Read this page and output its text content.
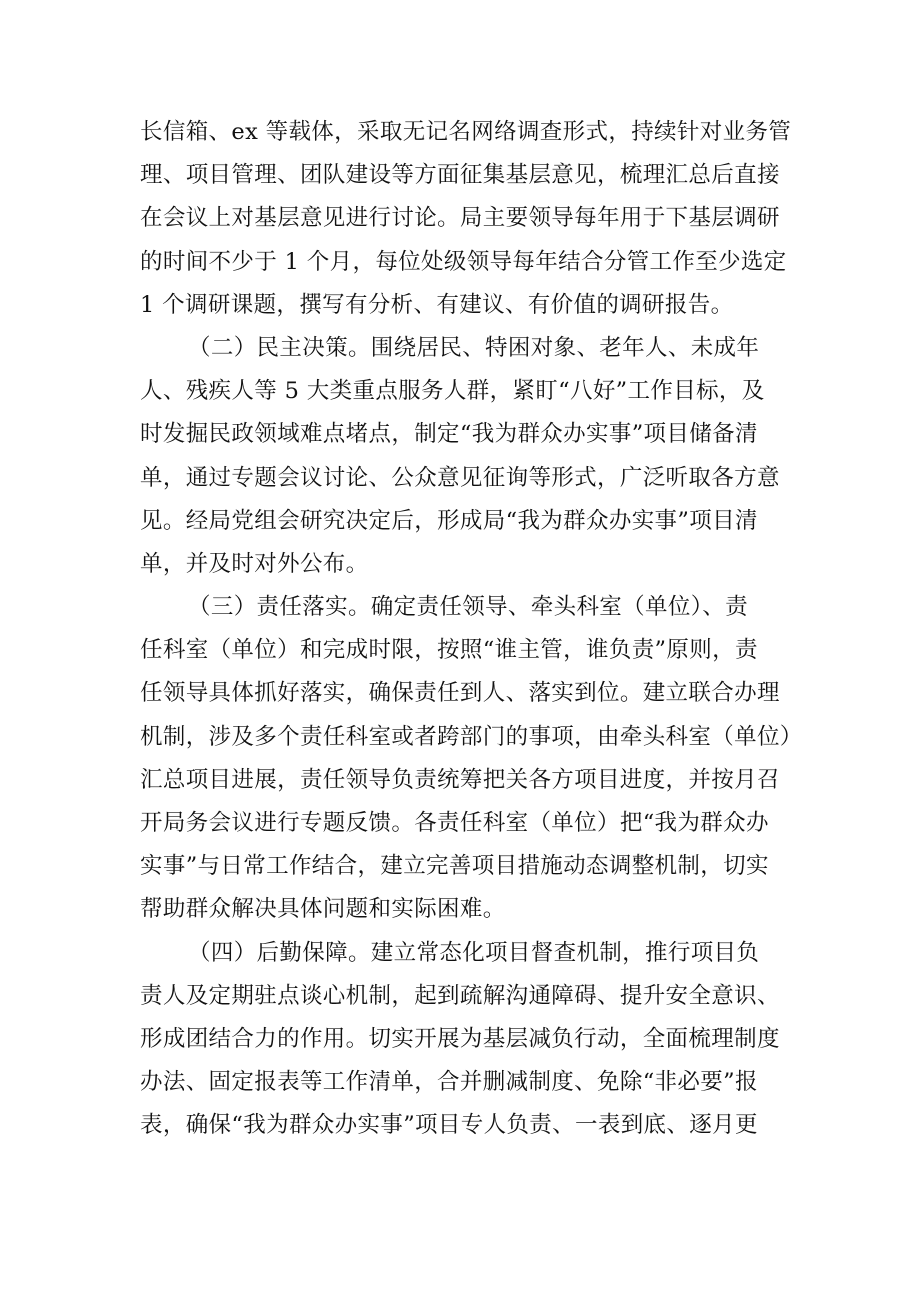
长信箱、ex 等载体，采取无记名网络调查形式，持续针对业务管
理、项目管理、团队建设等方面征集基层意见，梳理汇总后直接
在会议上对基层意见进行讨论。局主要领导每年用于下基层调研
的时间不少于 1 个月，每位处级领导每年结合分管工作至少选定
1 个调研课题，撰写有分析、有建议、有价值的调研报告。
（二）民主决策。围绕居民、特困对象、老年人、未成年
人、残疾人等 5 大类重点服务人群，紧盯“八好”工作目标，及
时发掘民政领域难点堵点，制定“我为群众办实事”项目储备清
单，通过专题会议讨论、公众意见征询等形式，广泛听取各方意
见。经局党组会研究决定后，形成局“我为群众办实事”项目清
单，并及时对外公布。
（三）责任落实。确定责任领导、牵头科室（单位）、责
任科室（单位）和完成时限，按照“谁主管，谁负责”原则，责
任领导具体抓好落实，确保责任到人、落实到位。建立联合办理
机制，涉及多个责任科室或者跨部门的事项，由牵头科室（单位）
汇总项目进展，责任领导负责统筹把关各方项目进度，并按月召
开局务会议进行专题反馈。各责任科室（单位）把“我为群众办
实事”与日常工作结合，建立完善项目措施动态调整机制，切实
帮助群众解决具体问题和实际困难。
（四）后勤保障。建立常态化项目督查机制，推行项目负
责人及定期驻点谈心机制，起到疏解沟通障碍、提升安全意识、
形成团结合力的作用。切实开展为基层减负行动，全面梳理制度
办法、固定报表等工作清单，合并删减制度、免除“非必要”报
表，确保“我为群众办实事”项目专人负责、一表到底、逐月更
